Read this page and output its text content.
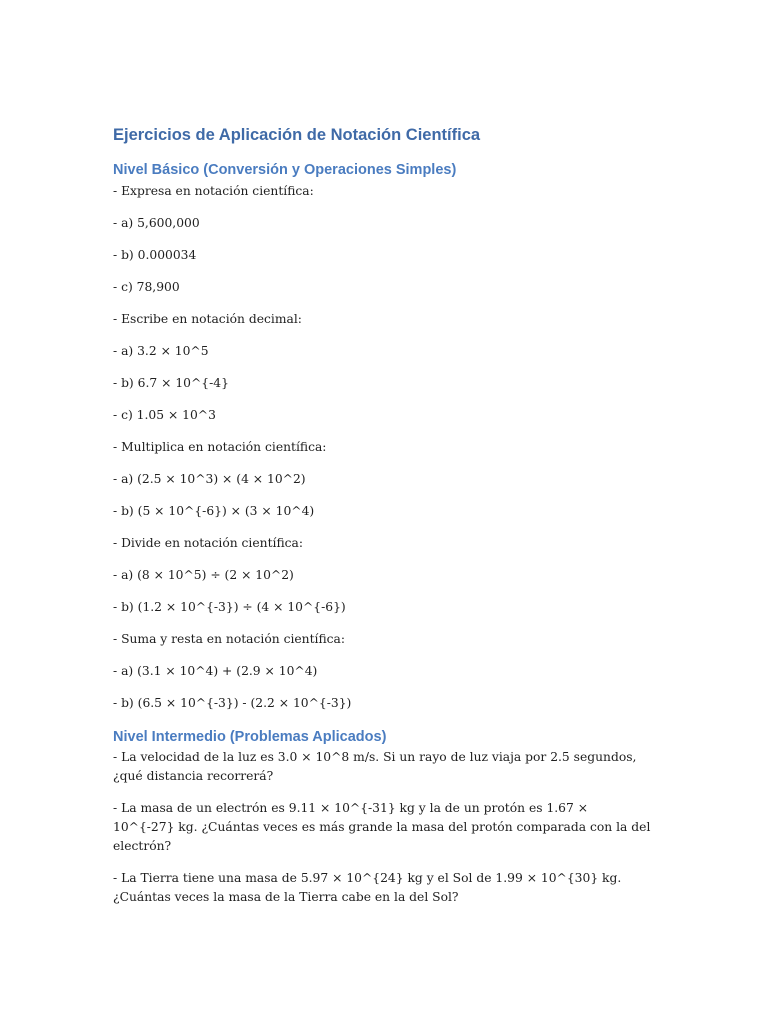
Ejercicios de Aplicación de Notación Científica
Nivel Básico (Conversión y Operaciones Simples)

- Expresa en notación científica:

- a) 5,600,000

- b) 0.000034

- c) 78,900

- Escribe en notación decimal:

- a) 3.2 × 10^5

- b) 6.7 × 10^{-4}

- c) 1.05 × 10^3

- Multiplica en notación científica:

- a) (2.5 × 10^3) × (4 × 10^2)

- b) (5 × 10^{-6}) × (3 × 10^4)

- Divide en notación científica:

- a) (8 × 10^5) ÷ (2 × 10^2)

- b) (1.2 × 10^{-3}) ÷ (4 × 10^{-6})

- Suma y resta en notación científica:

- a) (3.1 × 10^4) + (2.9 × 10^4)

- b) (6.5 × 10^{-3}) - (2.2 × 10^{-3})

Nivel Intermedio (Problemas Aplicados)

- La velocidad de la luz es 3.0 × 10^8 m/s. Si un rayo de luz viaja por 2.5 segundos, ¿qué distancia recorrerá?

- La masa de un electrón es 9.11 × 10^{-31} kg y la de un protón es 1.67 × 10^{-27} kg. ¿Cuántas veces es más grande la masa del protón comparada con la del electrón?

- La Tierra tiene una masa de 5.97 × 10^{24} kg y el Sol de 1.99 × 10^{30} kg. ¿Cuántas veces la masa de la Tierra cabe en la del Sol?
